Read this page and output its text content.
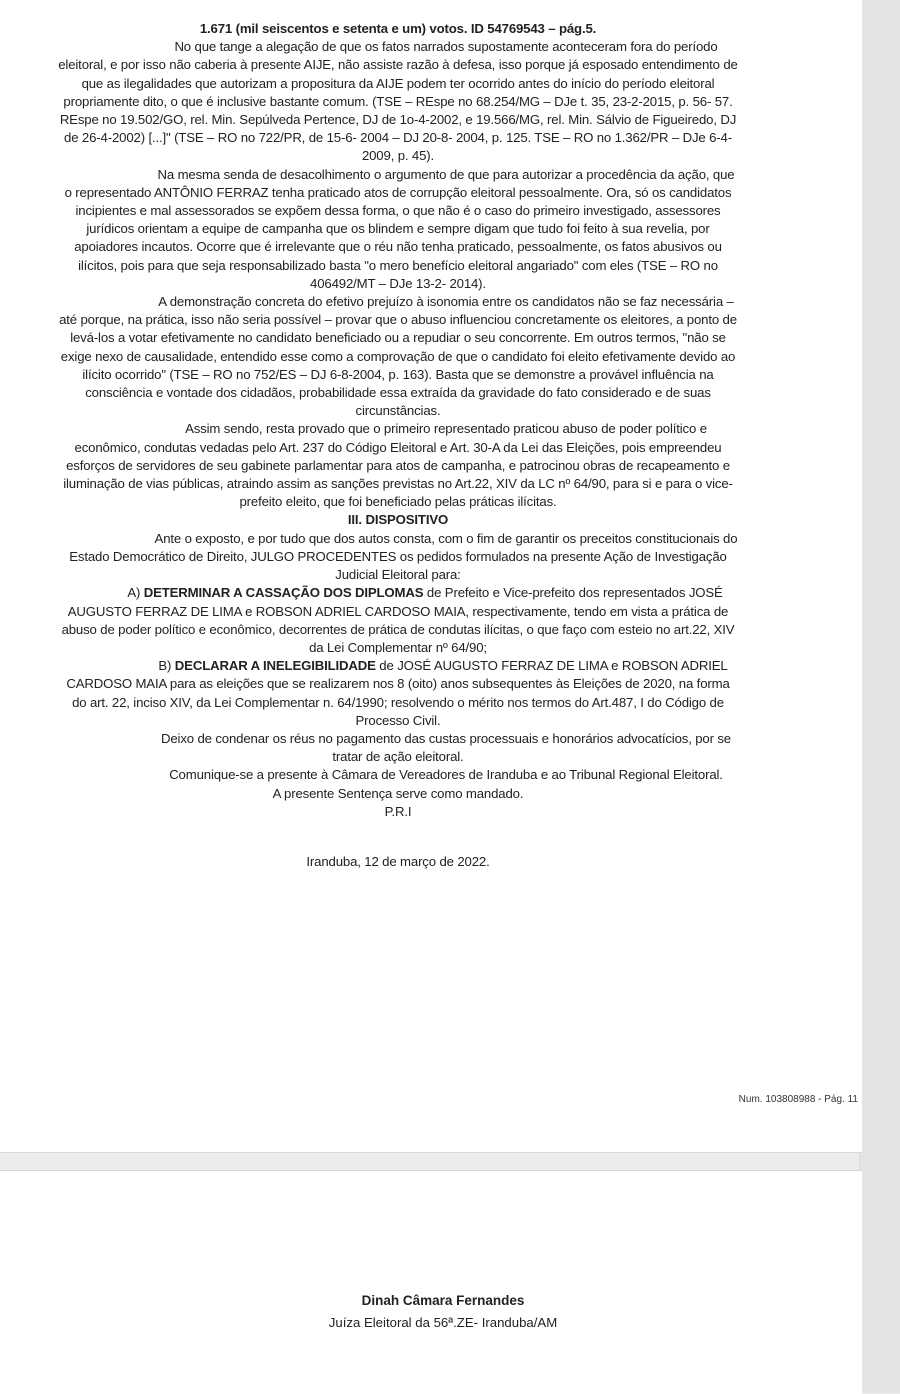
1.671 (mil seiscentos e setenta e um) votos. ID 54769543 – pág.5.

No que tange a alegação de que os fatos narrados supostamente aconteceram fora do período eleitoral, e por isso não caberia à presente AIJE, não assiste razão à defesa, isso porque já esposado entendimento de que as ilegalidades que autorizam a propositura da AIJE podem ter ocorrido antes do início do período eleitoral propriamente dito, o que é inclusive bastante comum. (TSE – REspe no 68.254/MG – DJe t. 35, 23-2-2015, p. 56- 57. REspe no 19.502/GO, rel. Min. Sepúlveda Pertence, DJ de 1o-4-2002, e 19.566/MG, rel. Min. Sálvio de Figueiredo, DJ de 26-4-2002) [...]" (TSE – RO no 722/PR, de 15-6- 2004 – DJ 20-8- 2004, p. 125. TSE – RO no 1.362/PR – DJe 6-4-2009, p. 45).

Na mesma senda de desacolhimento o argumento de que para autorizar a procedência da ação, que o representado ANTÔNIO FERRAZ tenha praticado atos de corrupção eleitoral pessoalmente. Ora, só os candidatos incipientes e mal assessorados se expõem dessa forma, o que não é o caso do primeiro investigado, assessores jurídicos orientam a equipe de campanha que os blindem e sempre digam que tudo foi feito à sua revelia, por apoiadores incautos. Ocorre que é irrelevante que o réu não tenha praticado, pessoalmente, os fatos abusivos ou ilícitos, pois para que seja responsabilizado basta "o mero benefício eleitoral angariado" com eles (TSE – RO no 406492/MT – DJe 13-2- 2014).

A demonstração concreta do efetivo prejuízo à isonomia entre os candidatos não se faz necessária – até porque, na prática, isso não seria possível – provar que o abuso influenciou concretamente os eleitores, a ponto de levá-los a votar efetivamente no candidato beneficiado ou a repudiar o seu concorrente. Em outros termos, "não se exige nexo de causalidade, entendido esse como a comprovação de que o candidato foi eleito efetivamente devido ao ilícito ocorrido" (TSE – RO no 752/ES – DJ 6-8-2004, p. 163). Basta que se demonstre a provável influência na consciência e vontade dos cidadãos, probabilidade essa extraída da gravidade do fato considerado e de suas circunstâncias.

Assim sendo, resta provado que o primeiro representado praticou abuso de poder político e econômico, condutas vedadas pelo Art. 237 do Código Eleitoral e Art. 30-A da Lei das Eleições, pois empreendeu esforços de servidores de seu gabinete parlamentar para atos de campanha, e patrocinou obras de recapeamento e iluminação de vias públicas, atraindo assim as sanções previstas no Art.22, XIV da LC nº 64/90, para si e para o vice-prefeito eleito, que foi beneficiado pelas práticas ilícitas.

III. DISPOSITIVO

Ante o exposto, e por tudo que dos autos consta, com o fim de garantir os preceitos constitucionais do Estado Democrático de Direito, JULGO PROCEDENTES os pedidos formulados na presente Ação de Investigação Judicial Eleitoral para:

A) DETERMINAR A CASSAÇÃO DOS DIPLOMAS de Prefeito e Vice-prefeito dos representados JOSÉ AUGUSTO FERRAZ DE LIMA e ROBSON ADRIEL CARDOSO MAIA, respectivamente, tendo em vista a prática de abuso de poder político e econômico, decorrentes de prática de condutas ilícitas, o que faço com esteio no art.22, XIV da Lei Complementar nº 64/90;

B) DECLARAR A INELEGIBILIDADE de JOSÉ AUGUSTO FERRAZ DE LIMA e ROBSON ADRIEL CARDOSO MAIA para as eleições que se realizarem nos 8 (oito) anos subsequentes às Eleições de 2020, na forma do art. 22, inciso XIV, da Lei Complementar n. 64/1990; resolvendo o mérito nos termos do Art.487, I do Código de Processo Civil.

Deixo de condenar os réus no pagamento das custas processuais e honorários advocatícios, por se tratar de ação eleitoral.

Comunique-se a presente à Câmara de Vereadores de Iranduba e ao Tribunal Regional Eleitoral.

A presente Sentença serve como mandado.

P.R.I

Iranduba, 12 de março de 2022.

Num. 103808988 - Pág. 11
Dinah Câmara Fernandes
Juíza Eleitoral da 56ª.ZE- Iranduba/AM
